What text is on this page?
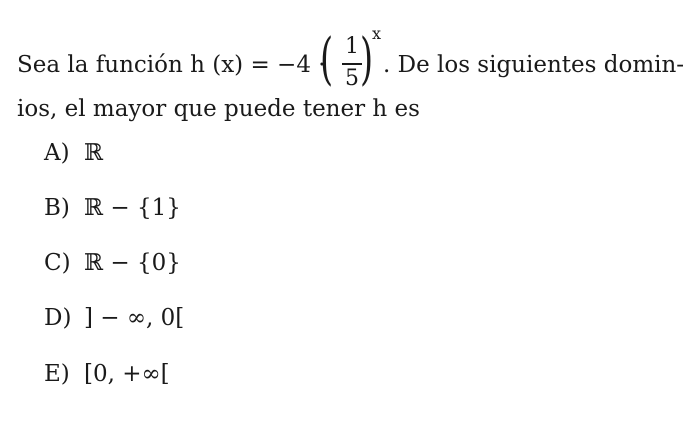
Sea la función h (x) = −4 ·
( 1
5 )
x
. De los siguientes domin-
ios, el mayor que puede tener h es
A) ℝ
B) ℝ − {1}
C) ℝ − {0}
D) ] − ∞, 0[
E) [0, +∞[
